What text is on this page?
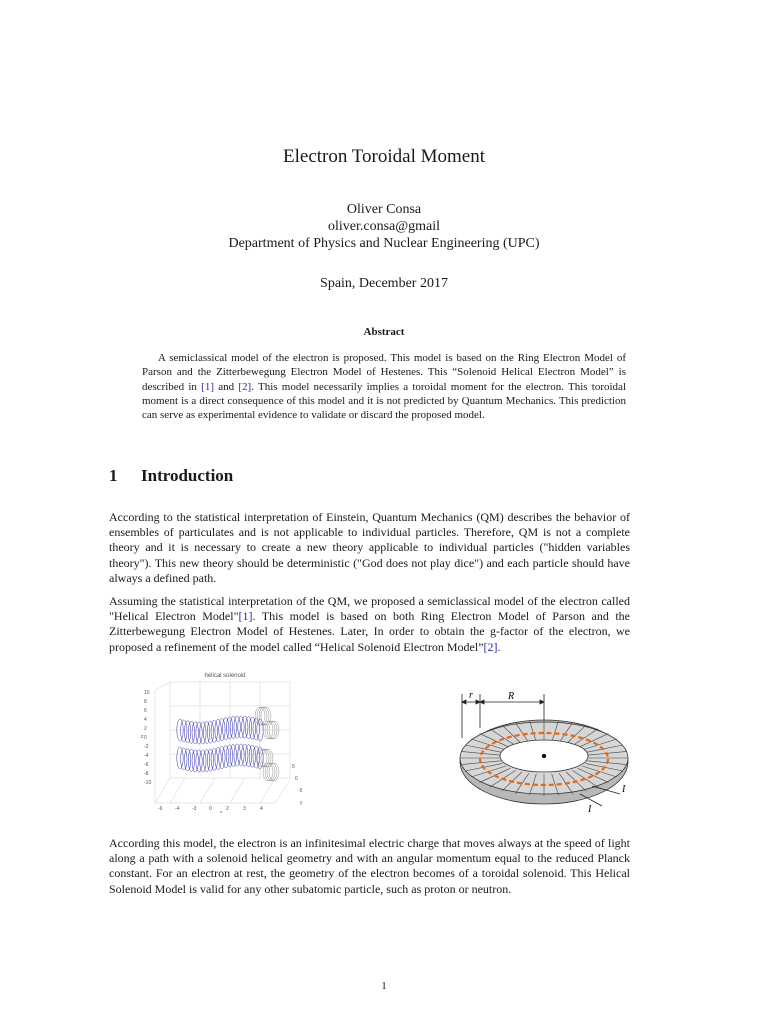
Electron Toroidal Moment
Oliver Consa
oliver.consa@gmail
Department of Physics and Nuclear Engineering (UPC)
Spain, December 2017
Abstract
A semiclassical model of the electron is proposed. This model is based on the Ring Electron Model of Parson and the Zitterbewegung Electron Model of Hestenes. This “Solenoid Helical Electron Model” is described in [1] and [2]. This model necessarily implies a toroidal moment for the electron. This toroidal moment is a direct consequence of this model and it is not predicted by Quantum Mechanics. This prediction can serve as experimental evidence to validate or discard the proposed model.
1 Introduction
According to the statistical interpretation of Einstein, Quantum Mechanics (QM) describes the behavior of ensembles of particulates and is not applicable to individual particles. Therefore, QM is not a complete theory and it is necessary to create a new theory applicable to individual particles ("hidden variables theory"). This new theory should be deterministic ("God does not play dice") and each particle should have always a defined path.
Assuming the statistical interpretation of the QM, we proposed a semiclassical model of the electron called "Helical Electron Model"[1]. This model is based on both Ring Electron Model of Parson and the Zitterbewegung Electron Model of Hestenes. Later, In order to obtain the g-factor of the electron, we proposed a refinement of the model called “Helical Solenoid Electron Model”[2].
helical solenoid
10
8
6
4
2
0
-2
-4
-6
-8
-10
-6	-4	-3	0	2	3	4
5
0
-5
z
x
y
r	R
I
I
According this model, the electron is an infinitesimal electric charge that moves always at the speed of light along a path with a solenoid helical geometry and with an angular momentum equal to the reduced Planck constant. For an electron at rest, the geometry of the electron becomes of a toroidal solenoid. This Helical Solenoid Model is valid for any other subatomic particle, such as proton or neutron.
1
